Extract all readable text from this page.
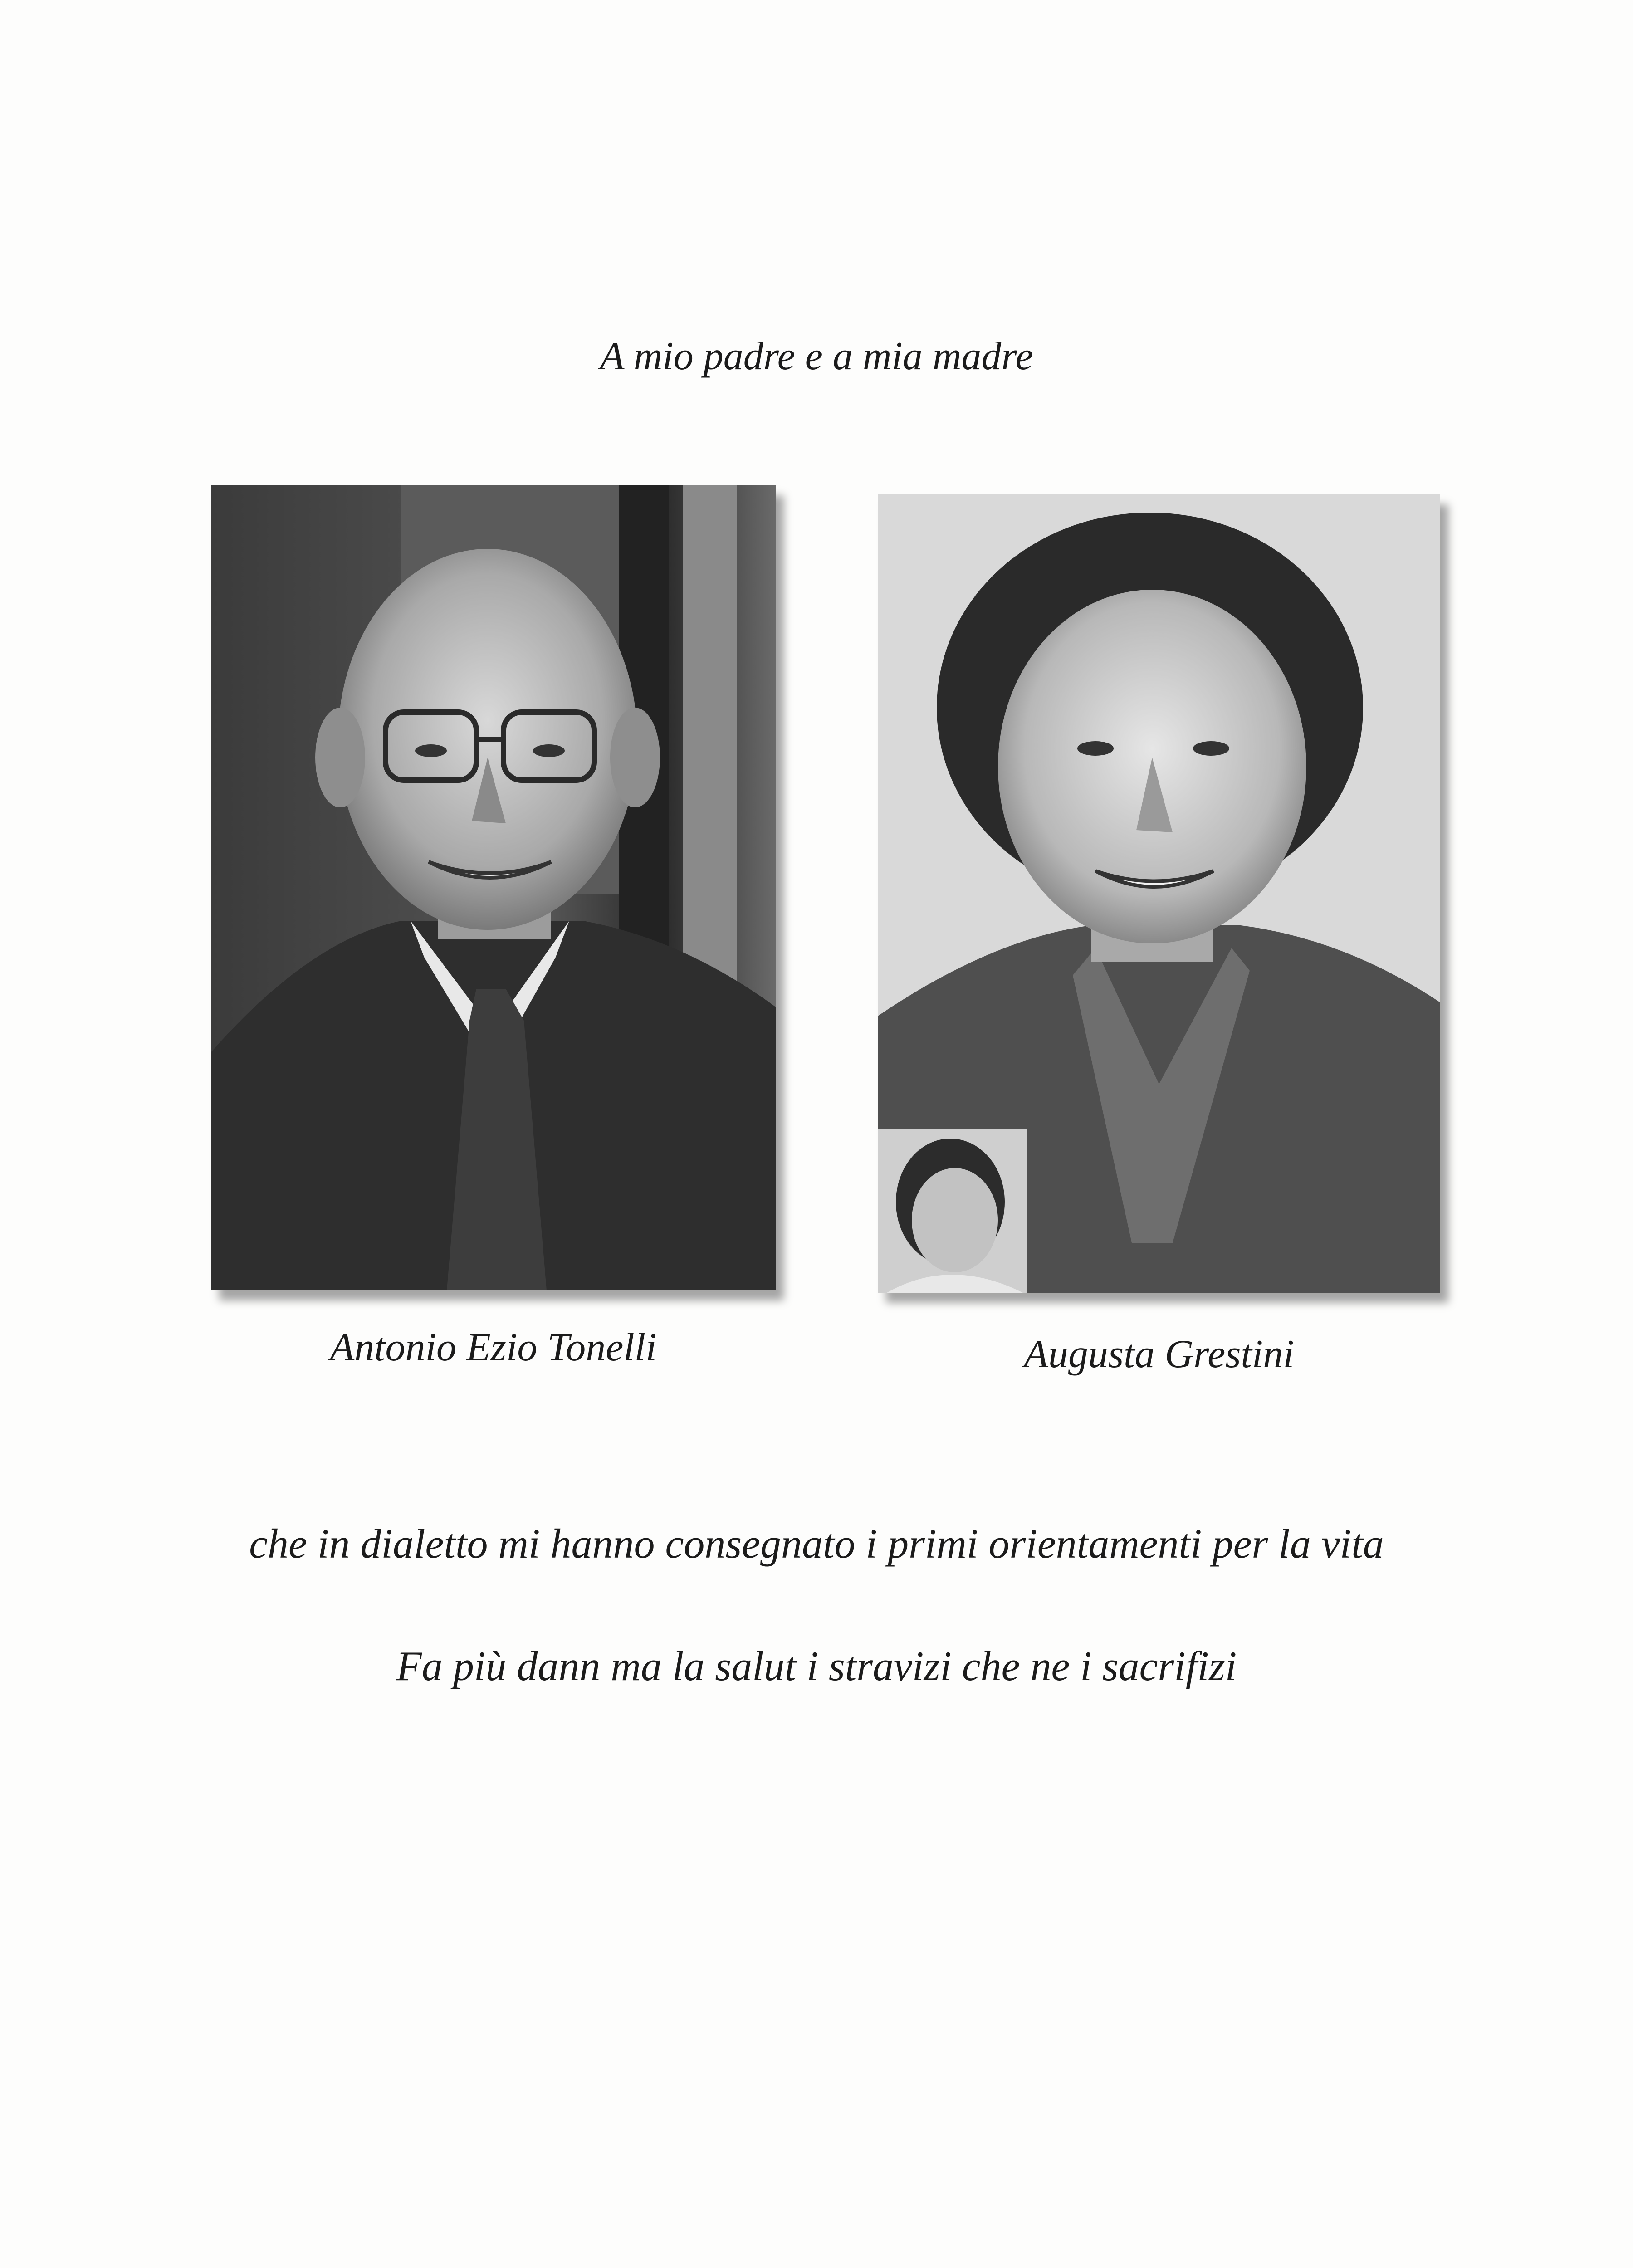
A mio padre e a mia madre
Antonio Ezio Tonelli	Augusta Grestini
che in dialetto mi hanno consegnato i primi orientamenti per la vita
Fa più dann ma la salut i stravizi che ne i sacrifizi
